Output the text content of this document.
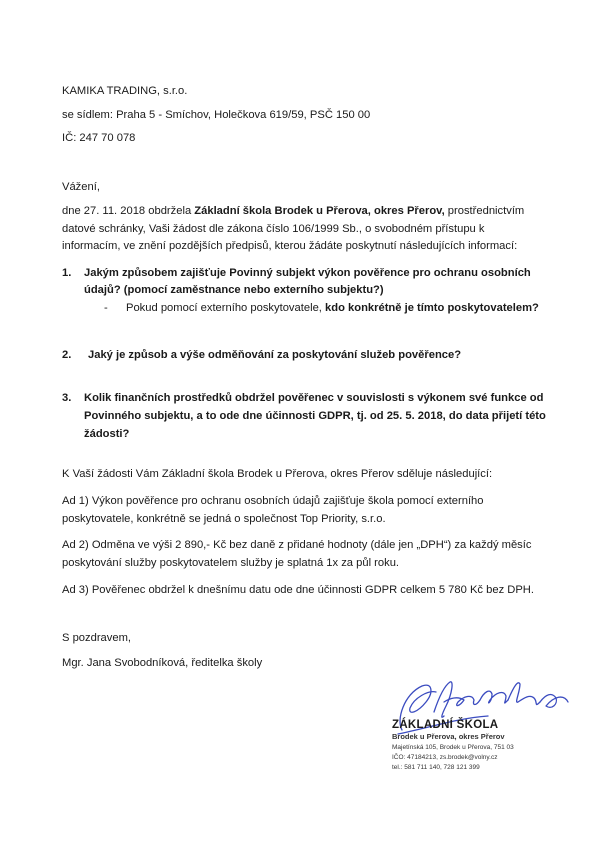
KAMIKA TRADING, s.r.o.
se sídlem: Praha 5 - Smíchov, Holečkova 619/59, PSČ 150 00
IČ: 247 70 078
Vážení,
dne 27. 11. 2018 obdržela Základní škola Brodek u Přerova, okres Přerov, prostřednictvím
datové schránky, Vaši žádost dle zákona číslo 106/1999 Sb., o svobodném přístupu k
informacím, ve znění pozdějších předpisů, kterou žádáte poskytnutí následujících informací:
1. Jakým způsobem zajišťuje Povinný subjekt výkon pověřence pro ochranu osobních
údajů? (pomocí zaměstnance nebo externího subjektu?)
- Pokud pomocí externího poskytovatele, kdo konkrétně je tímto poskytovatelem?
2. Jaký je způsob a výše odměňování za poskytování služeb pověřence?
3. Kolik finančních prostředků obdržel pověřenec v souvislosti s výkonem své funkce od
Povinného subjektu, a to ode dne účinnosti GDPR, tj. od 25. 5. 2018, do data přijetí této
žádosti?
K Vaší žádosti Vám Základní škola Brodek u Přerova, okres Přerov sděluje následující:
Ad 1) Výkon pověřence pro ochranu osobních údajů zajišťuje škola pomocí externího
poskytovatele, konkrétně se jedná o společnost Top Priority, s.r.o.
Ad 2) Odměna ve výši 2 890,- Kč bez daně z přidané hodnoty (dále jen „DPH“) za každý měsíc
poskytování služby poskytovatelem služby je splatná 1x za půl roku.
Ad 3) Pověřenec obdržel k dnešnímu datu ode dne účinnosti GDPR celkem 5 780 Kč bez DPH.
S pozdravem,
Mgr. Jana Svobodníková, ředitelka školy
ZÁKLADNÍ ŠKOLA
Brodek u Přerova, okres Přerov
Majetínská 105, Brodek u Přerova, 751 03
IČO: 47184213, zs.brodek@volny.cz
tel.: 581 711 140, 728 121 399
